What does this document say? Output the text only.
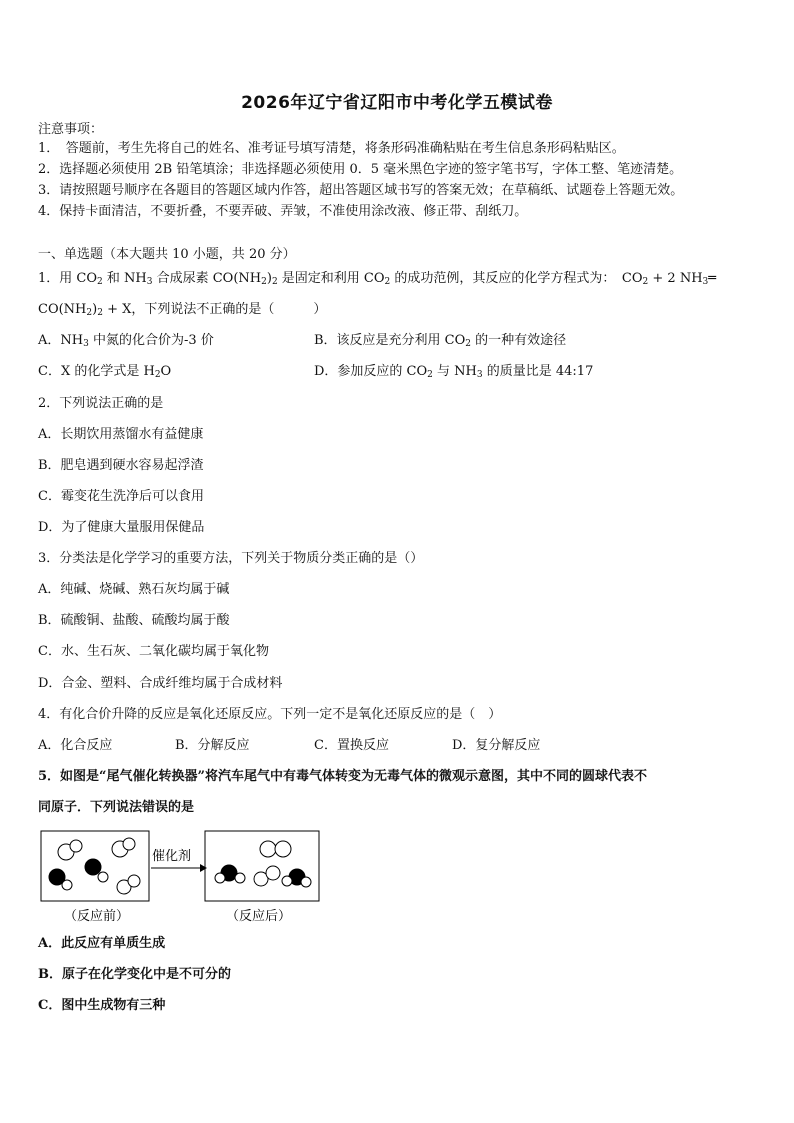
2026年辽宁省辽阳市中考化学五模试卷
注意事项：
1．　答题前，考生先将自己的姓名、准考证号填写清楚，将条形码准确粘贴在考生信息条形码粘贴区。
2．选择题必须使用 2B 铅笔填涂；非选择题必须使用 0．5 毫米黑色字迹的签字笔书写，字体工整、笔迹清楚。
3．请按照题号顺序在各题目的答题区域内作答，超出答题区域书写的答案无效；在草稿纸、试题卷上答题无效。
4．保持卡面清洁，不要折叠，不要弄破、弄皱，不准使用涂改液、修正带、刮纸刀。
一、单选题（本大题共 10 小题，共 20 分）
1．用 $CO_2$ 和 $NH_3$ 合成尿素 $CO(NH_2)_2$ 是固定和利用 $CO_2$ 的成功范例，其反应的化学方程式为：　$CO_2 + 2$ $NH_3═$
$CO(NH_2)_2 + X$，下列说法不正确的是（　　　）
A．$NH_3$ 中氮的化合价为-3 价	B．该反应是充分利用 $CO_2$ 的一种有效途径
C．X 的化学式是 $H_2O$	D．参加反应的 $CO_2$ 与 $NH_3$ 的质量比是 44:17
2．下列说法正确的是
A．长期饮用蒸馏水有益健康
B．肥皂遇到硬水容易起浮渣
C．霉变花生洗净后可以食用
D．为了健康大量服用保健品
3．分类法是化学学习的重要方法，下列关于物质分类正确的是（）
A．纯碱、烧碱、熟石灰均属于碱
B．硫酸铜、盐酸、硫酸均属于酸
C．水、生石灰、二氧化碳均属于氧化物
D．合金、塑料、合成纤维均属于合成材料
4．有化合价升降的反应是氧化还原反应。下列一定不是氧化还原反应的是（　）
A．化合反应	B．分解反应	C．置换反应	D．复分解反应
5．如图是“尾气催化转换器”将汽车尾气中有毒气体转变为无毒气体的微观示意图，其中不同的圆球代表不
同原子．下列说法错误的是
催化剂
（反应前）	（反应后）
A．此反应有单质生成
B．原子在化学变化中是不可分的
C．图中生成物有三种
